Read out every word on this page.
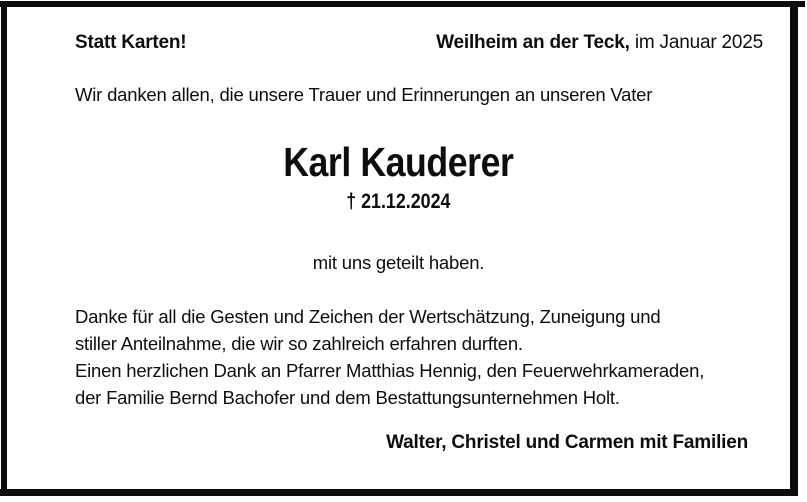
Statt Karten!	Weilheim an der Teck, im Januar 2025
Wir danken allen, die unsere Trauer und Erinnerungen an unseren Vater
Karl Kauderer
† 21.12.2024
mit uns geteilt haben.
Danke für all die Gesten und Zeichen der Wertschätzung, Zuneigung und
stiller Anteilnahme, die wir so zahlreich erfahren durften.
Einen herzlichen Dank an Pfarrer Matthias Hennig, den Feuerwehrkameraden,
der Familie Bernd Bachofer und dem Bestattungsunternehmen Holt.
Walter, Christel und Carmen mit Familien
